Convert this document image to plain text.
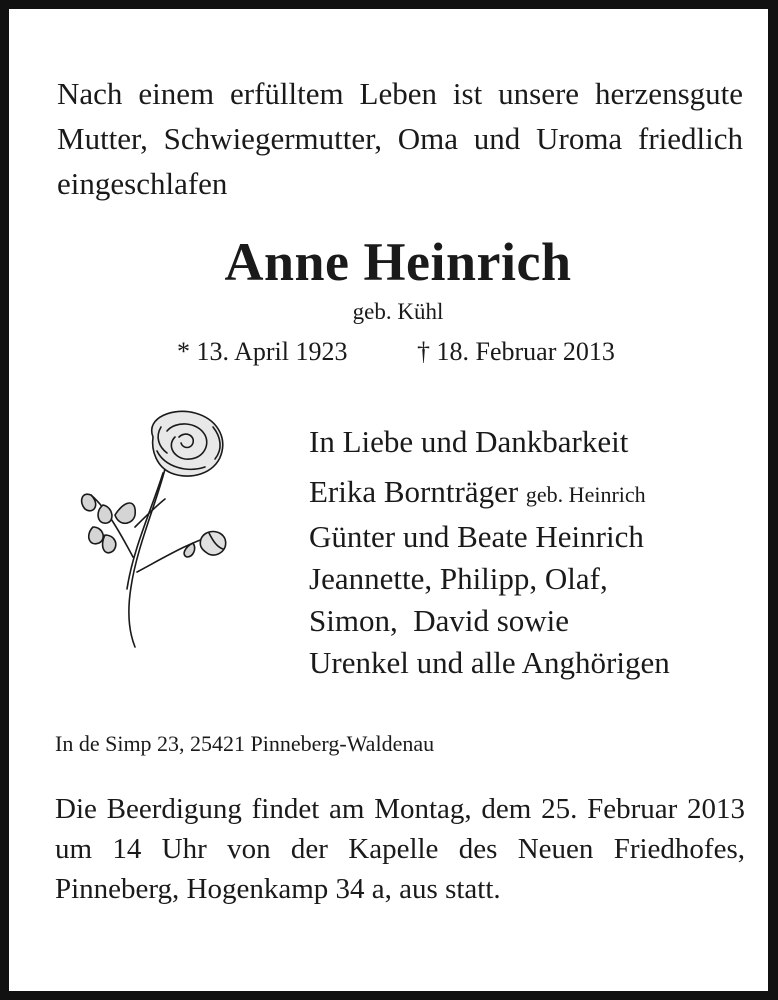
Nach einem erfülltem Leben ist unsere herzensgute Mutter, Schwiegermutter, Oma und Uroma friedlich eingeschlafen
Anne Heinrich
geb. Kühl
* 13. April 1923	† 18. Februar 2013
In Liebe und Dankbarkeit
Erika Bornträger geb. Heinrich
Günter und Beate Heinrich
Jeannette, Philipp, Olaf,
Simon,  David sowie
Urenkel und alle Anghörigen
In de Simp 23, 25421 Pinneberg-Waldenau
Die Beerdigung findet am Montag, dem 25. Februar 2013 um 14 Uhr von der Kapelle des Neuen Friedhofes, Pinneberg, Hogenkamp 34 a, aus statt.
